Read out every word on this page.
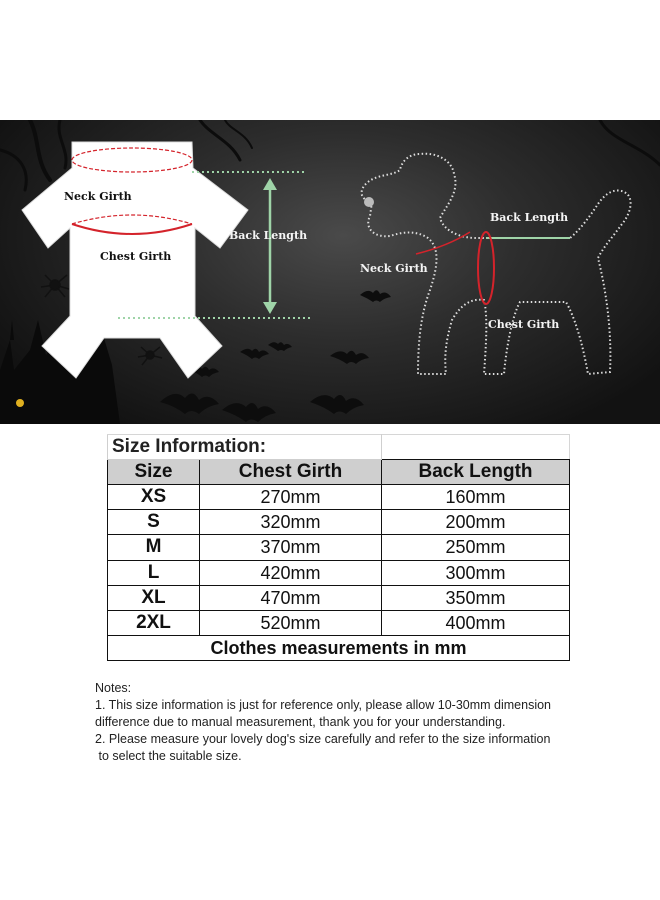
Neck Girth
Chest Girth
Back Length
Back Length
Neck Girth
Chest Girth
Size Information:		
Size	Chest Girth	Back Length
XS	270mm	160mm
S	320mm	200mm
M	370mm	250mm
L	420mm	300mm
XL	470mm	350mm
2XL	520mm	400mm
Clothes measurements in mm		
Notes:
1. This size information is just for reference only, please allow 10-30mm dimension
difference due to manual measurement, thank you for your understanding.
2. Please measure your lovely dog's size carefully and refer to the size information
to select the suitable size.
